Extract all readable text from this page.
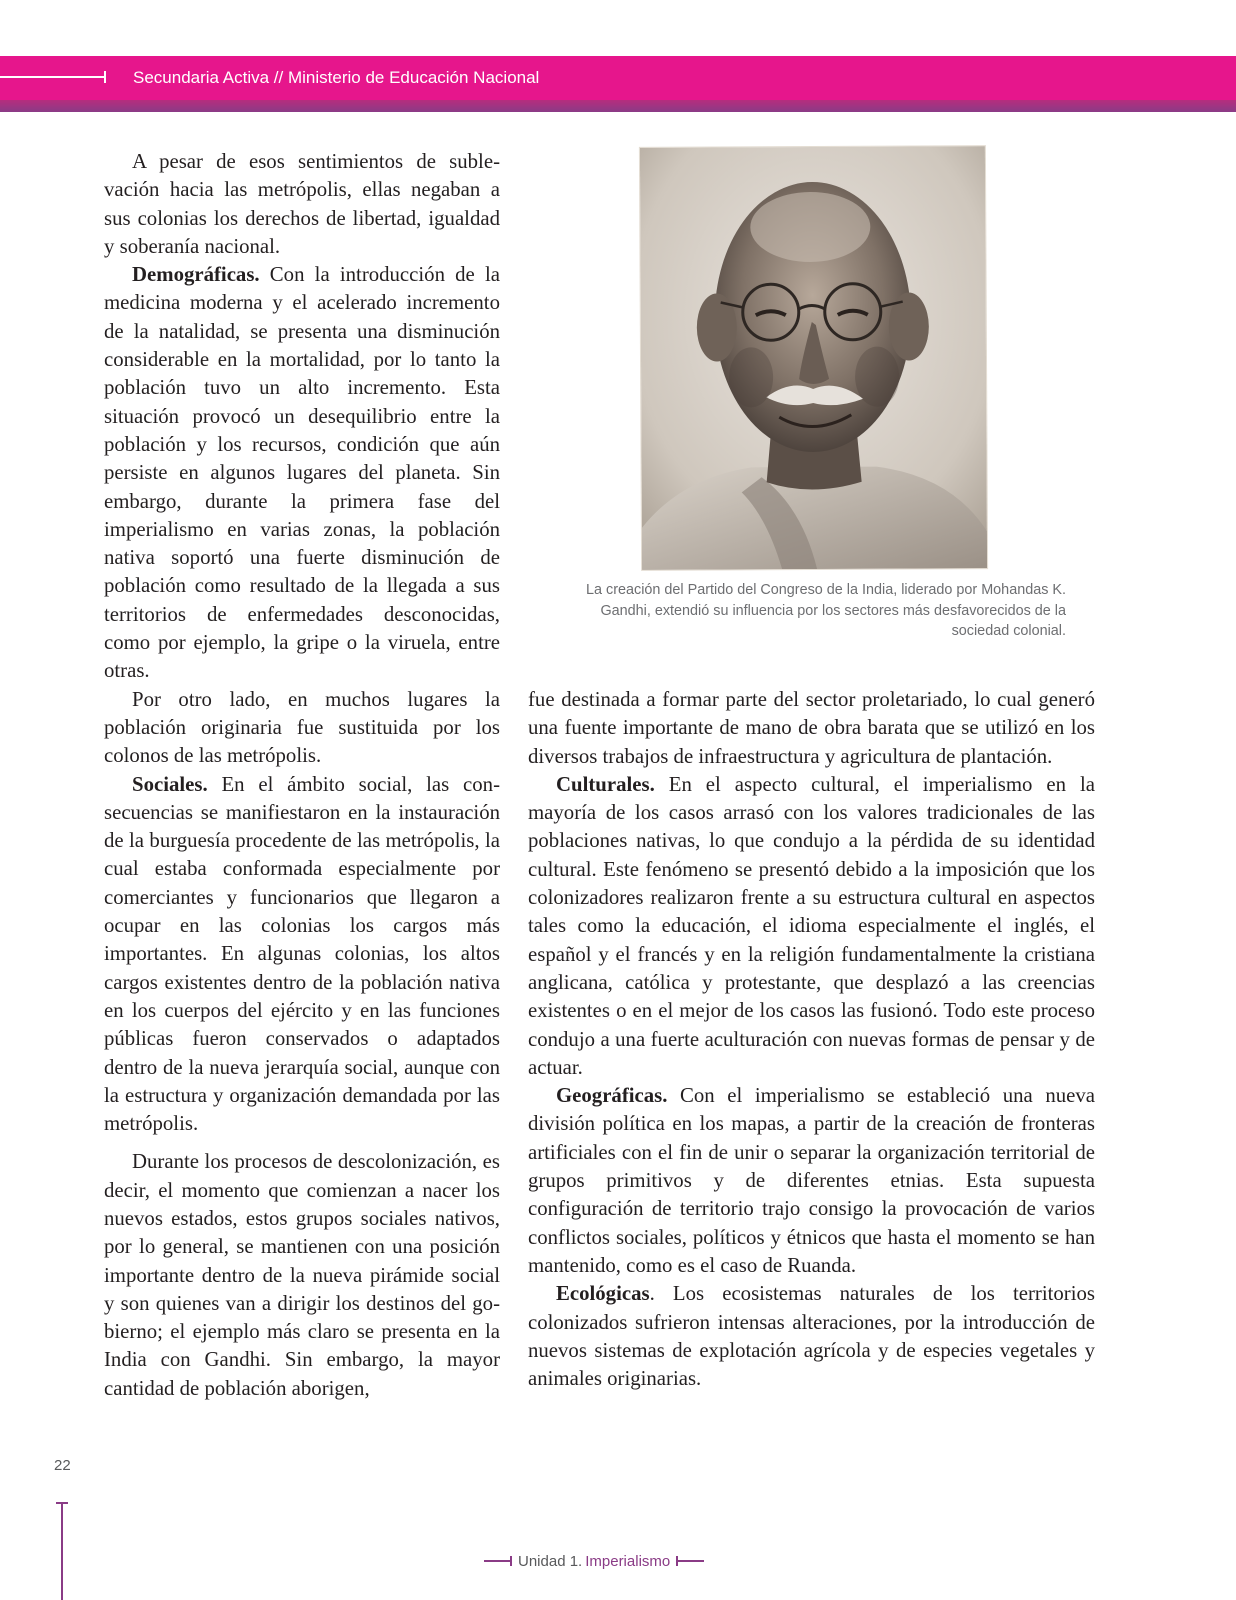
Secundaria Activa // Ministerio de Educación Nacional

A pesar de esos sentimientos de sublevación hacia las metrópolis, ellas negaban a sus colonias los derechos de libertad, igualdad y soberanía nacional.

Demográficas. Con la introducción de la medicina moderna y el acelerado incremento de la natalidad, se presenta una disminución considerable en la mortalidad, por lo tanto la población tuvo un alto incremento. Esta situación provocó un desequilibrio entre la población y los recursos, condición que aún persiste en algunos lugares del planeta. Sin embargo, durante la primera fase del imperialismo en varias zonas, la población nativa soportó una fuerte disminución de población como resultado de la llegada a sus territorios de enfermedades desconocidas, como por ejemplo, la gripe o la viruela, entre otras.

Por otro lado, en muchos lugares la población originaria fue sustituida por los colonos de las metrópolis.

Sociales. En el ámbito social, las consecuencias se manifiestaron en la instauración de la burguesía procedente de las metrópolis, la cual estaba conformada especialmente por comerciantes y funcionarios que llegaron a ocupar en las colonias los cargos más importantes. En algunas colonias, los altos cargos existentes dentro de la población nativa en los cuerpos del ejército y en las funciones públicas fueron conservados o adaptados dentro de la nueva jerarquía social, aunque con la estructura y organización demandada por las metrópolis.

Durante los procesos de descolonización, es decir, el momento que comienzan a nacer los nuevos estados, estos grupos sociales nativos, por lo general, se mantienen con una posición importante dentro de la nueva pirámide social y son quienes van a dirigir los destinos del gobierno; el ejemplo más claro se presenta en la India con Gandhi. Sin embargo, la mayor cantidad de población aborigen,

La creación del Partido del Congreso de la India, liderado por Mohandas K. Gandhi, extendió su influencia por los sectores más desfavorecidos de la sociedad colonial.

fue destinada a formar parte del sector proletariado, lo cual generó una fuente importante de mano de obra barata que se utilizó en los diversos trabajos de infraestructura y agricultura de plantación.

Culturales. En el aspecto cultural, el imperialismo en la mayoría de los casos arrasó con los valores tradicionales de las poblaciones nativas, lo que condujo a la pérdida de su identidad cultural. Este fenómeno se presentó debido a la imposición que los colonizadores realizaron frente a su estructura cultural en aspectos tales como la educación, el idioma especialmente el inglés, el español y el francés y en la religión fundamentalmente la cristiana anglicana, católica y protestante, que desplazó a las creencias existentes o en el mejor de los casos las fusionó. Todo este proceso condujo a una fuerte aculturación con nuevas formas de pensar y de actuar.

Geográficas. Con el imperialismo se estableció una nueva división política en los mapas, a partir de la creación de fronteras artificiales con el fin de unir o separar la organización territorial de grupos primitivos y de diferentes etnias. Esta supuesta configuración de territorio trajo consigo la provocación de varios conflictos sociales, políticos y étnicos que hasta el momento se han mantenido, como es el caso de Ruanda.

Ecológicas. Los ecosistemas naturales de los territorios colonizados sufrieron intensas alteraciones, por la introducción de nuevos sistemas de explotación agrícola y de especies vegetales y animales originarias.

22
Unidad 1. Imperialismo
